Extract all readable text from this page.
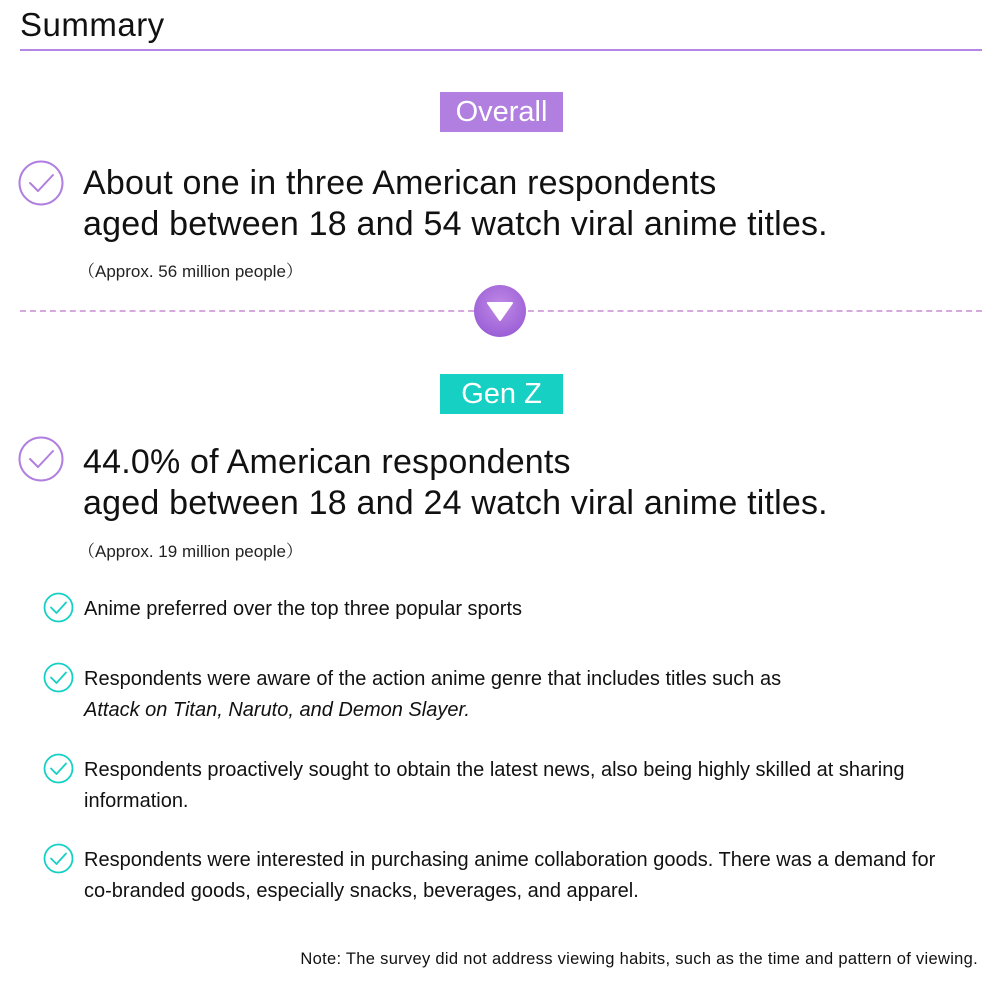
Summary
Overall
About one in three American respondents
aged between 18 and 54 watch viral anime titles.
（Approx. 56 million people）
Gen Z
44.0% of American respondents
aged between 18 and 24 watch viral anime titles.
（Approx. 19 million people）
Anime preferred over the top three popular sports
Respondents were aware of the action anime genre that includes titles such as
Attack on Titan, Naruto, and Demon Slayer.
Respondents proactively sought to obtain the latest news, also being highly skilled at sharing information.
Respondents were interested in purchasing anime collaboration goods. There was a demand for co-branded goods, especially snacks, beverages, and apparel.
Note: The survey did not address viewing habits, such as the time and pattern of viewing.
